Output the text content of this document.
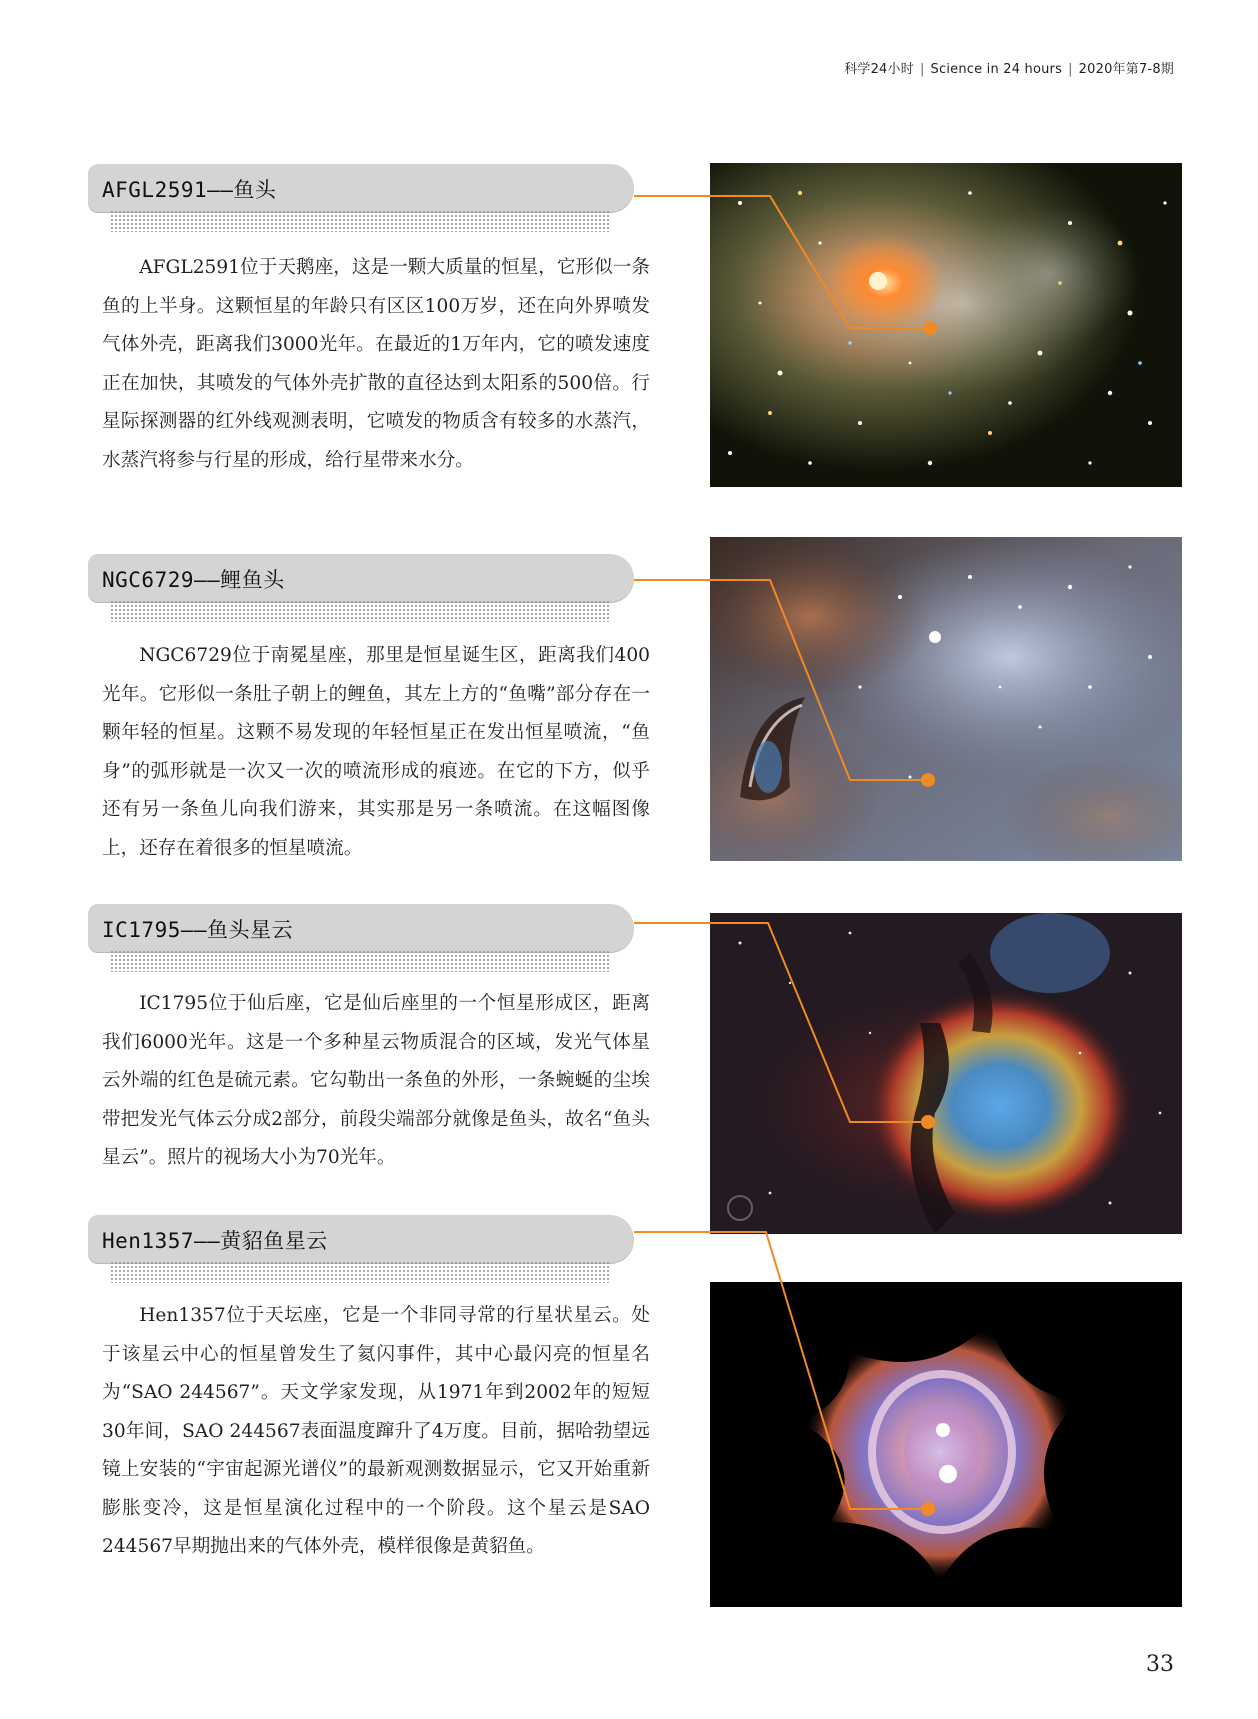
科学24小时 | Science in 24 hours | 2020年第7-8期
AFGL2591——鱼头

AFGL2591位于天鹅座，这是一颗大质量的恒星，它形似一条鱼的上半身。这颗恒星的年龄只有区区100万岁，还在向外界喷发气体外壳，距离我们3000光年。在最近的1万年内，它的喷发速度正在加快，其喷发的气体外壳扩散的直径达到太阳系的500倍。行星际探测器的红外线观测表明，它喷发的物质含有较多的水蒸汽，水蒸汽将参与行星的形成，给行星带来水分。

NGC6729——鲤鱼头

NGC6729位于南冕星座，那里是恒星诞生区，距离我们400光年。它形似一条肚子朝上的鲤鱼，其左上方的“鱼嘴”部分存在一颗年轻的恒星。这颗不易发现的年轻恒星正在发出恒星喷流，“鱼身”的弧形就是一次又一次的喷流形成的痕迹。在它的下方，似乎还有另一条鱼儿向我们游来，其实那是另一条喷流。在这幅图像上，还存在着很多的恒星喷流。

IC1795——鱼头星云

IC1795位于仙后座，它是仙后座里的一个恒星形成区，距离我们6000光年。这是一个多种星云物质混合的区域，发光气体星云外端的红色是硫元素。它勾勒出一条鱼的外形，一条蜿蜒的尘埃带把发光气体云分成2部分，前段尖端部分就像是鱼头，故名“鱼头星云”。照片的视场大小为70光年。

Hen1357——黄貂鱼星云

Hen1357位于天坛座，它是一个非同寻常的行星状星云。处于该星云中心的恒星曾发生了氦闪事件，其中心最闪亮的恒星名为“SAO 244567”。天文学家发现，从1971年到2002年的短短30年间，SAO 244567表面温度蹿升了4万度。目前，据哈勃望远镜上安装的“宇宙起源光谱仪”的最新观测数据显示，它又开始重新膨胀变冷，这是恒星演化过程中的一个阶段。这个星云是SAO 244567早期抛出来的气体外壳，模样很像是黄貂鱼。

33
